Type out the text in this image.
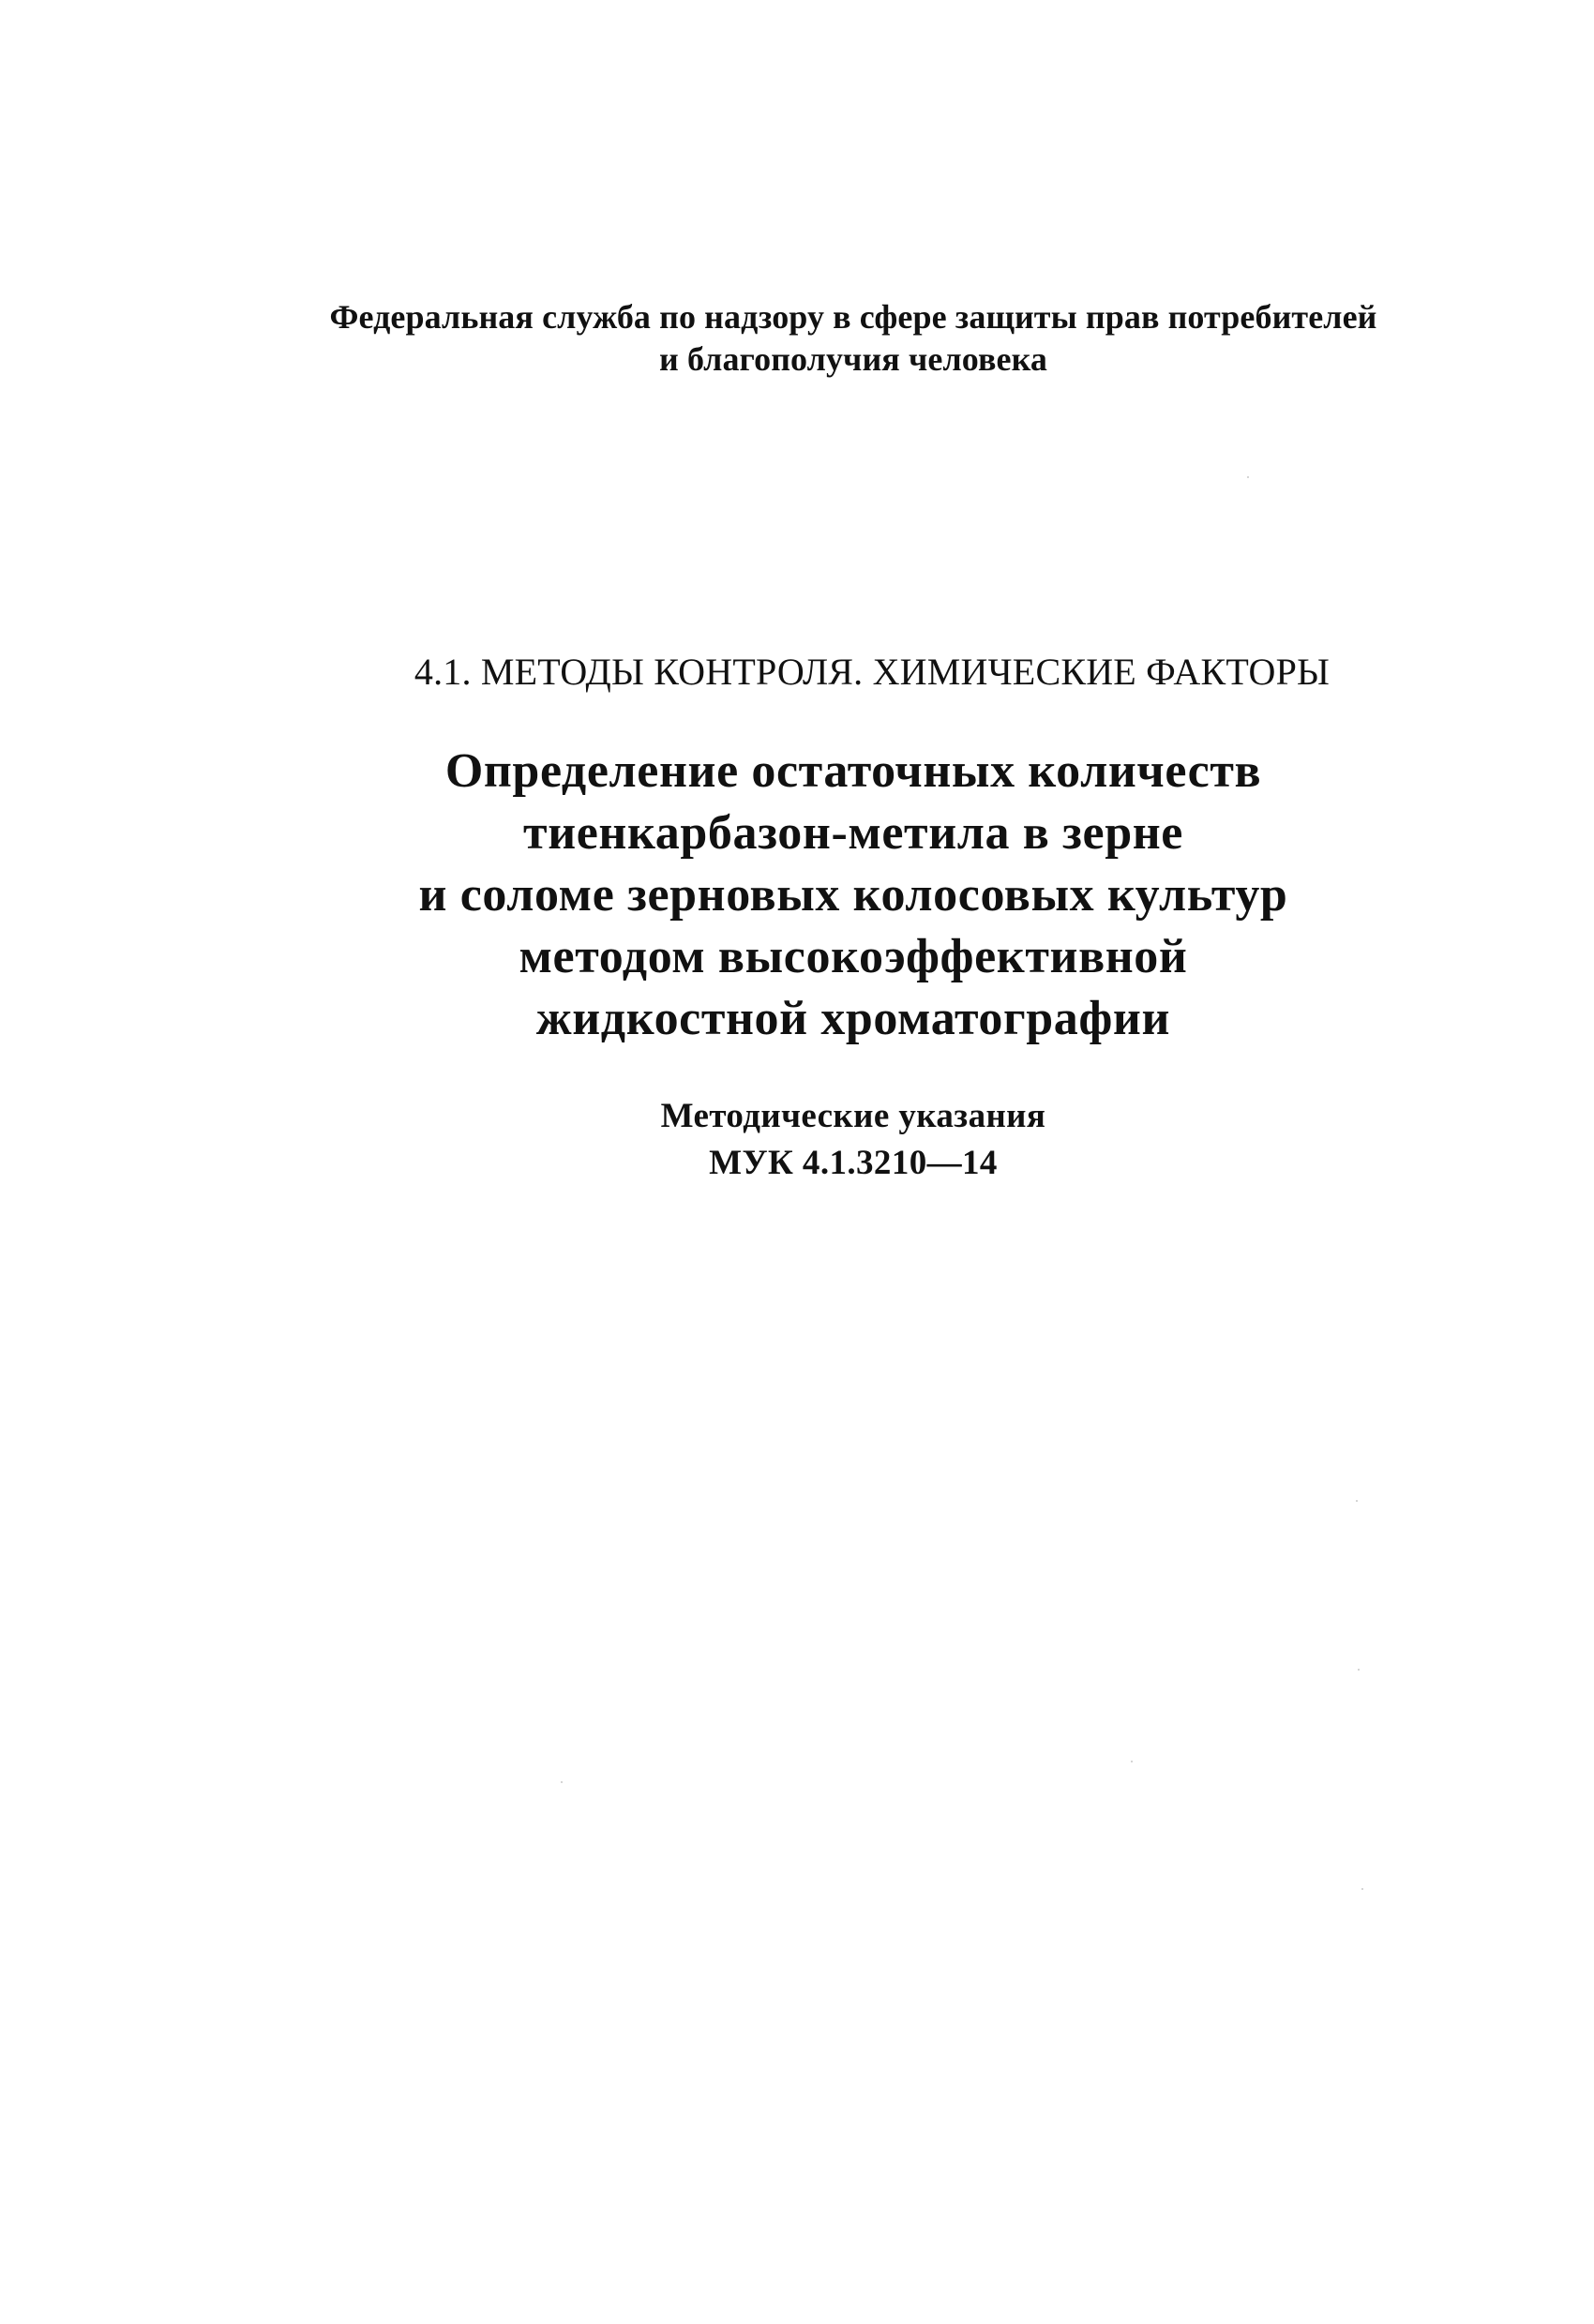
Федеральная служба по надзору в сфере защиты прав потребителей
и благополучия человека
4.1. МЕТОДЫ КОНТРОЛЯ. ХИМИЧЕСКИЕ ФАКТОРЫ
Определение остаточных количеств
тиенкарбазон-метила в зерне
и соломе зерновых колосовых культур
методом высокоэффективной
жидкостной хроматографии
Методические указания
МУК 4.1.3210—14
